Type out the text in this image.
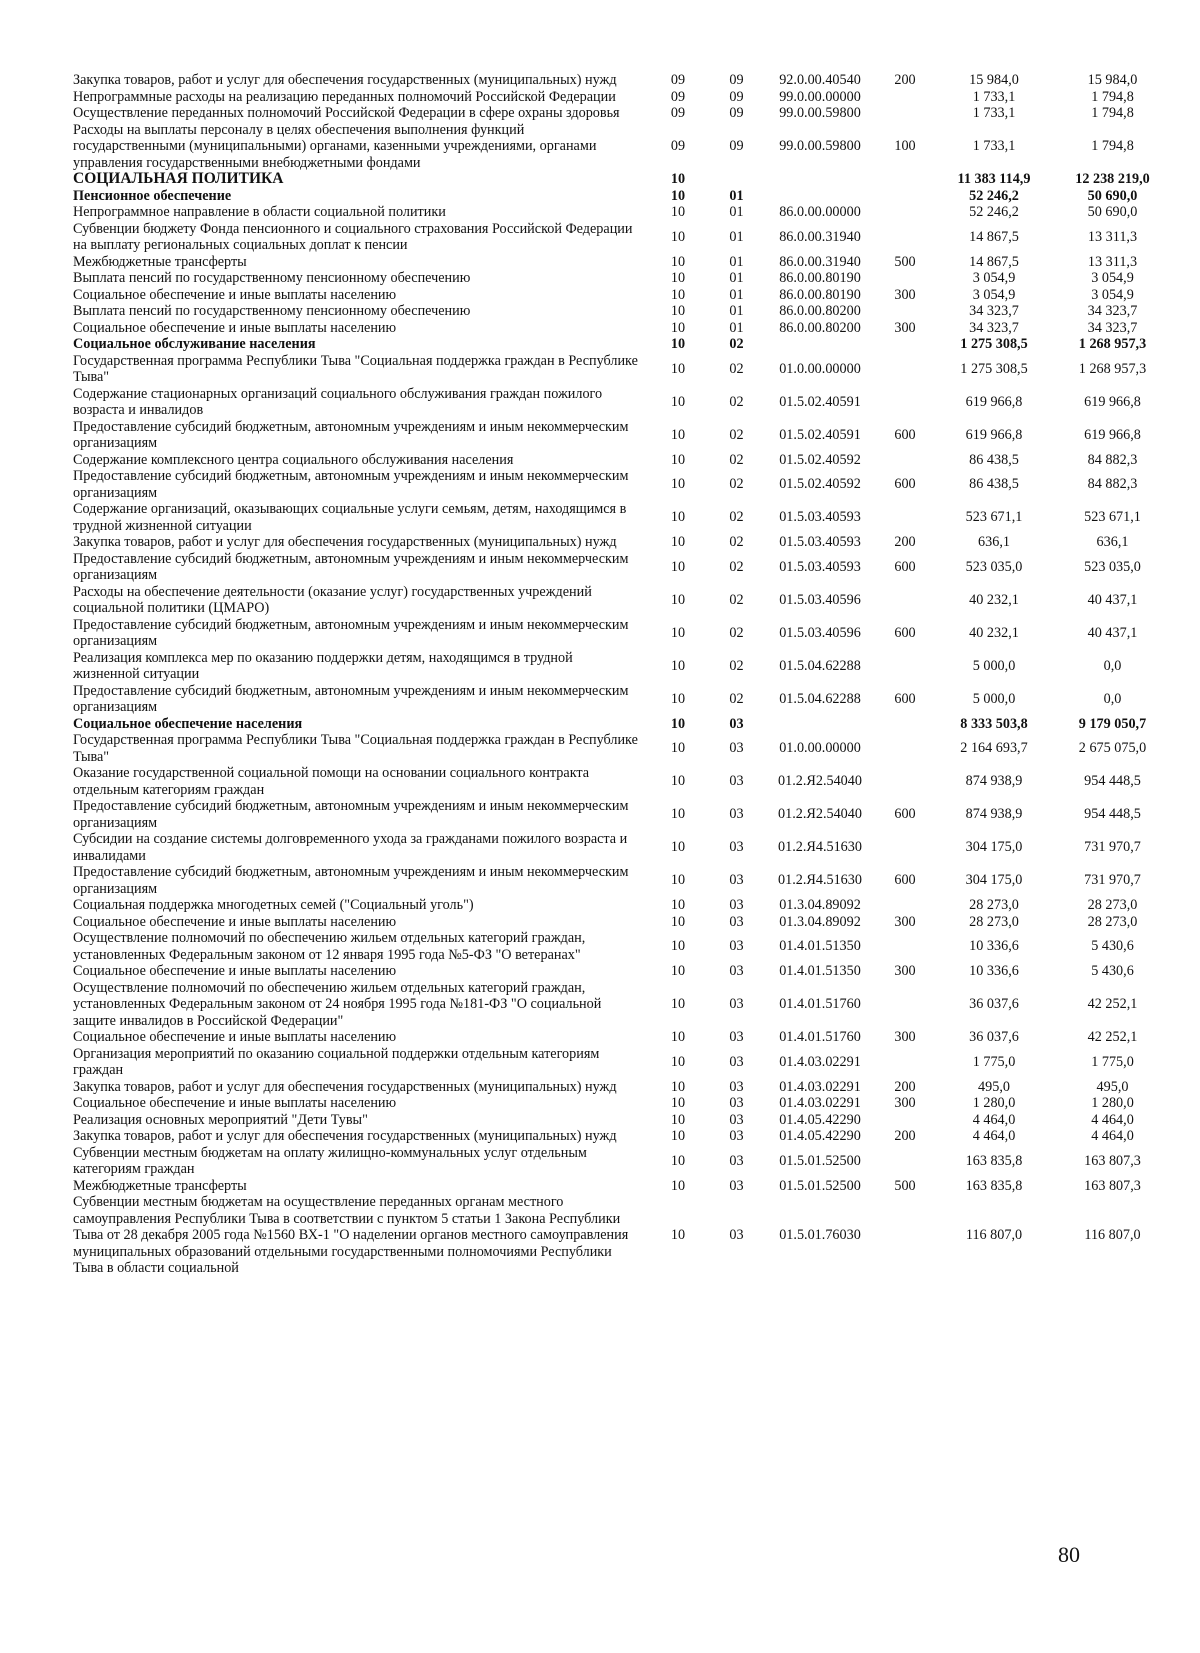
Закупка товаров, работ и услуг для обеспечения государственных (муниципальных) нужд	09	09	92.0.00.40540	200	15 984,0	15 984,0
Непрограммные расходы на реализацию переданных полномочий Российской Федерации	09	09	99.0.00.00000		1 733,1	1 794,8
Осуществление переданных полномочий Российской Федерации в сфере охраны здоровья	09	09	99.0.00.59800		1 733,1	1 794,8
Расходы на выплаты персоналу в целях обеспечения выполнения функций государственными (муниципальными) органами, казенными учреждениями, органами управления государственными внебюджетными фондами	09	09	99.0.00.59800	100	1 733,1	1 794,8
СОЦИАЛЬНАЯ ПОЛИТИКА	10				11 383 114,9	12 238 219,0
Пенсионное обеспечение	10	01			52 246,2	50 690,0
Непрограммное направление в области социальной политики	10	01	86.0.00.00000		52 246,2	50 690,0
Субвенции бюджету Фонда пенсионного и социального страхования Российской Федерации на выплату региональных социальных доплат к пенсии	10	01	86.0.00.31940		14 867,5	13 311,3
Межбюджетные трансферты	10	01	86.0.00.31940	500	14 867,5	13 311,3
Выплата пенсий по государственному пенсионному обеспечению	10	01	86.0.00.80190		3 054,9	3 054,9
Социальное обеспечение и иные выплаты населению	10	01	86.0.00.80190	300	3 054,9	3 054,9
Выплата пенсий по государственному пенсионному обеспечению	10	01	86.0.00.80200		34 323,7	34 323,7
Социальное обеспечение и иные выплаты населению	10	01	86.0.00.80200	300	34 323,7	34 323,7
Социальное обслуживание населения	10	02			1 275 308,5	1 268 957,3
Государственная программа Республики Тыва "Социальная поддержка граждан в Республике Тыва"	10	02	01.0.00.00000		1 275 308,5	1 268 957,3
Содержание стационарных организаций социального обслуживания граждан пожилого возраста и инвалидов	10	02	01.5.02.40591		619 966,8	619 966,8
Предоставление субсидий бюджетным, автономным учреждениям и иным некоммерческим организациям	10	02	01.5.02.40591	600	619 966,8	619 966,8
Содержание комплексного центра социального обслуживания населения	10	02	01.5.02.40592		86 438,5	84 882,3
Предоставление субсидий бюджетным, автономным учреждениям и иным некоммерческим организациям	10	02	01.5.02.40592	600	86 438,5	84 882,3
Содержание организаций, оказывающих социальные услуги семьям, детям, находящимся в трудной жизненной ситуации	10	02	01.5.03.40593		523 671,1	523 671,1
Закупка товаров, работ и услуг для обеспечения государственных (муниципальных) нужд	10	02	01.5.03.40593	200	636,1	636,1
Предоставление субсидий бюджетным, автономным учреждениям и иным некоммерческим организациям	10	02	01.5.03.40593	600	523 035,0	523 035,0
Расходы на обеспечение деятельности (оказание услуг) государственных учреждений социальной политики (ЦМАРО)	10	02	01.5.03.40596		40 232,1	40 437,1
Предоставление субсидий бюджетным, автономным учреждениям и иным некоммерческим организациям	10	02	01.5.03.40596	600	40 232,1	40 437,1
Реализация комплекса мер по оказанию поддержки детям, находящимся в трудной жизненной ситуации	10	02	01.5.04.62288		5 000,0	0,0
Предоставление субсидий бюджетным, автономным учреждениям и иным некоммерческим организациям	10	02	01.5.04.62288	600	5 000,0	0,0
Социальное обеспечение населения	10	03			8 333 503,8	9 179 050,7
Государственная программа Республики Тыва "Социальная поддержка граждан в Республике Тыва"	10	03	01.0.00.00000		2 164 693,7	2 675 075,0
Оказание государственной социальной помощи на основании социального контракта отдельным категориям граждан	10	03	01.2.Я2.54040		874 938,9	954 448,5
Предоставление субсидий бюджетным, автономным учреждениям и иным некоммерческим организациям	10	03	01.2.Я2.54040	600	874 938,9	954 448,5
Субсидии на создание системы долговременного ухода за гражданами пожилого возраста и инвалидами	10	03	01.2.Я4.51630		304 175,0	731 970,7
Предоставление субсидий бюджетным, автономным учреждениям и иным некоммерческим организациям	10	03	01.2.Я4.51630	600	304 175,0	731 970,7
Социальная поддержка многодетных семей ("Социальный уголь")	10	03	01.3.04.89092		28 273,0	28 273,0
Социальное обеспечение и иные выплаты населению	10	03	01.3.04.89092	300	28 273,0	28 273,0
Осуществление полномочий по обеспечению жильем отдельных категорий граждан, установленных Федеральным законом от 12 января 1995 года №5-ФЗ "О ветеранах"	10	03	01.4.01.51350		10 336,6	5 430,6
Социальное обеспечение и иные выплаты населению	10	03	01.4.01.51350	300	10 336,6	5 430,6
Осуществление полномочий по обеспечению жильем отдельных категорий граждан, установленных Федеральным законом от 24 ноября 1995 года №181-ФЗ "О социальной защите инвалидов в Российской Федерации"	10	03	01.4.01.51760		36 037,6	42 252,1
Социальное обеспечение и иные выплаты населению	10	03	01.4.01.51760	300	36 037,6	42 252,1
Организация мероприятий по оказанию социальной поддержки отдельным категориям граждан	10	03	01.4.03.02291		1 775,0	1 775,0
Закупка товаров, работ и услуг для обеспечения государственных (муниципальных) нужд	10	03	01.4.03.02291	200	495,0	495,0
Социальное обеспечение и иные выплаты населению	10	03	01.4.03.02291	300	1 280,0	1 280,0
Реализация основных мероприятий "Дети Тувы"	10	03	01.4.05.42290		4 464,0	4 464,0
Закупка товаров, работ и услуг для обеспечения государственных (муниципальных) нужд	10	03	01.4.05.42290	200	4 464,0	4 464,0
Субвенции местным бюджетам на оплату жилищно-коммунальных услуг отдельным категориям граждан	10	03	01.5.01.52500		163 835,8	163 807,3
Межбюджетные трансферты	10	03	01.5.01.52500	500	163 835,8	163 807,3
Субвенции местным бюджетам на осуществление переданных органам местного самоуправления Республики Тыва в соответствии с пунктом 5 статьи 1 Закона Республики Тыва от 28 декабря 2005 года №1560 ВХ-1 "О наделении органов местного самоуправления муниципальных образований отдельными государственными полномочиями Республики Тыва в области социальной	10	03	01.5.01.76030		116 807,0	116 807,0
80
